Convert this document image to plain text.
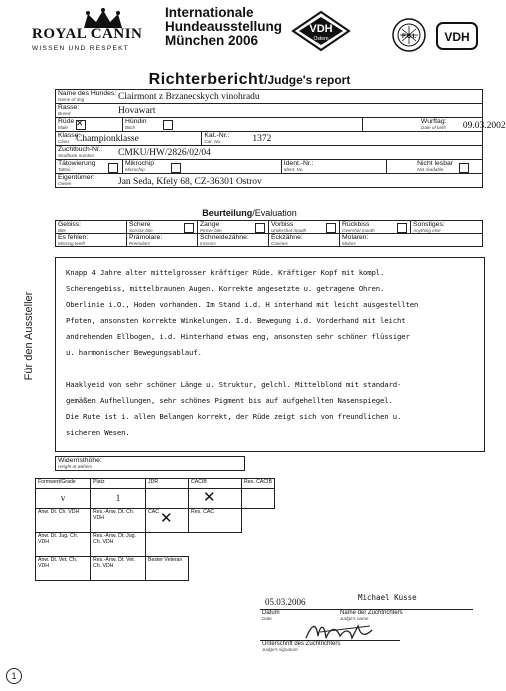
ROYAL CANIN
WISSEN UND RESPEKT
Internationale
Hundeausstellung
München 2006
VDH
Ostern	F.C.I. VDH
Richterbericht/Judge's report
Für den Aussteller
Name des Hundes:
Name of dog Clairmont z Brzanecskych vinohradu					

Rasse:
Breed Hovawart					

Rüde
Male
✕	Hündin
Bitch			Wurftag:
Date of birth 09.03.2002	

Klasse:
Class Championklasse		Kat.-Nr.:
Cat. No. 1372			

Zuchtbuch-Nr.:
Studbook number CMKU/HW/2826/02/04					

Tätowierung
Tattoo	Mikrochip
Microchip		Ident.-Nr.:
Ident. No.		Nicht lesbar
Not readable

Eigentümer:
Owner Jan Seda, Kfely 68, CZ-36301 Ostrov					
Beurteilung/Evaluation
Gebiss:
Bite	Schere
Scissor bite	Zange
Pincer bite	Vorbiss
Undershot mouth	Rückbiss
Overshot mouth	Sonstiges:
Anything else

Es fehlen:
Missing teeth	Prämolare:
Premolars	Schneidezähne:
Incisors	Eckzähne:
Canines	Molaren:
Molars	
Knapp 4 Jahre alter mittelgrosser kräftiger Rüde. Kräftiger Kopf mit kompl.
Scherengebiss, mittelbraunen Augen. Korrekte angesetzte u. getragene Ohren.
Oberlinie i.O., Hoden vorhanden. Im Stand i.d. H interhand mit leicht ausgestellten
Pfoten, ansonsten korrekte Winkelungen. I.d. Bewegung i.d. Vorderhand mit leicht
andrehenden Ellbogen, i.d. Hinterhand etwas eng, ansonsten sehr schöner flüssiger
u. harmonischer Bewegungsablauf.
Haaklyeid von sehr schöner Länge u. Struktur, gelchl. Mittelblond mit standard-
gemäßen Aufhellungen, sehr schönes Pigment bis auf aufgehellten Nasenspiegel.
Die Rute ist i. allen Belangen korrekt, der Rüde zeigt sich von freundlichen u.
sicheren Wesen.
Widerristhöhe:
Height at withers
Formwert/Grade	Platz	JDR	CACIB	Res. CACIB
v	1		✕	

Anw. Dt. Ch. VDH	Res.-Anw. Dt. Ch. VDH	CAC ✕	Res. CAC	
Anw. Dt. Jug. Ch. VDH	Res.-Anw. Dt. Jug. Ch. VDH			
Anw. Dt. Vet. Ch. VDH	Res.-Anw. Dt. Vet. Ch. VDH	Bester Veteran		
05.03.2006	Michael Kusse
Datum
Date
Name der Zuchtrichters
Judge's name
Unterschrift des Zuchtrichters
Judge's signature
1
